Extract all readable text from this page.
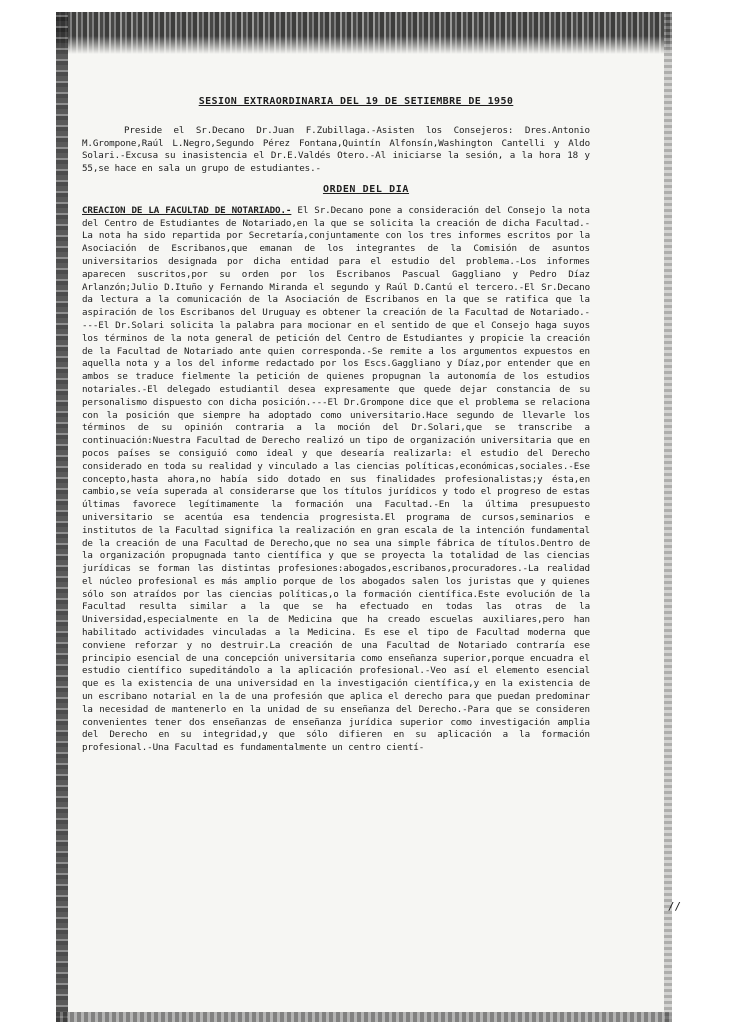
SESION EXTRAORDINARIA DEL 19 DE SETIEMBRE DE 1950

Preside el Sr.Decano Dr.Juan F.Zubillaga.-Asisten los Consejeros: Dres.Antonio M.Grompone,Raúl L.Negro,Segundo Pérez Fontana,Quintín Alfonsín,Washington Cantelli y Aldo Solari.-Excusa su inasistencia el Dr.E.Valdés Otero.-Al iniciarse la sesión, a la hora 18 y 55,se hace en sala un grupo de estudiantes.-

ORDEN DEL DIA

CREACION DE LA FACULTAD DE NOTARIADO.- El Sr.Decano pone a consideración del Consejo la nota del Centro de Estudiantes de Notariado,en la que se solicita la creación de dicha Facultad.-La nota ha sido repartida por Secretaría,conjuntamente con los tres informes escritos por la Asociación de Escribanos,que emanan de los integrantes de la Comisión de asuntos universitarios designada por dicha entidad para el estudio del problema.-Los informes aparecen suscritos,por su orden por los Escribanos Pascual Gaggliano y Pedro Díaz Arlanzón;Julio D.Ituño y Fernando Miranda el segundo y Raúl D.Cantú el tercero.-El Sr.Decano da lectura a la comunicación de la Asociación de Escribanos en la que se ratifica que la aspiración de los Escribanos del Uruguay es obtener la creación de la Facultad de Notariado.----El Dr.Solari solicita la palabra para mocionar en el sentido de que el Consejo haga suyos los términos de la nota general de petición del Centro de Estudiantes y propicie la creación de la Facultad de Notariado ante quien corresponda.-Se remite a los argumentos expuestos en aquella nota y a los del informe redactado por los Escs.Gaggliano y Díaz,por entender que en ambos se traduce fielmente la petición de quienes propugnan la autonomía de los estudios notariales.-El delegado estudiantil desea expresamente que quede dejar constancia de su personalismo dispuesto con dicha posición.---El Dr.Grompone dice que el problema se relaciona con la posición que siempre ha adoptado como universitario.Hace segundo de llevarle los términos de su opinión contraria a la moción del Dr.Solari,que se transcribe a continuación:Nuestra Facultad de Derecho realizó un tipo de organización universitaria que en pocos países se consiguió como ideal y que desearía realizarla: el estudio del Derecho considerado en toda su realidad y vinculado a las ciencias políticas,económicas,sociales.-Ese concepto,hasta ahora,no había sido dotado en sus finalidades profesionalistas;y ésta,en cambio,se veía superada al considerarse que los títulos jurídicos y todo el progreso de estas últimas favorece legítimamente la formación una Facultad.-En la última presupuesto universitario se acentúa esa tendencia progresista.El programa de cursos,seminarios e institutos de la Facultad significa la realización en gran escala de la intención fundamental de la creación de una Facultad de Derecho,que no sea una simple fábrica de títulos.Dentro de la organización propugnada tanto científica y que se proyecta la totalidad de las ciencias jurídicas se forman las distintas profesiones:abogados,escribanos,procuradores.-La realidad el núcleo profesional es más amplio porque de los abogados salen los juristas que y quienes sólo son atraídos por las ciencias políticas,o la formación científica.Este evolución de la Facultad resulta similar a la que se ha efectuado en todas las otras de la Universidad,especialmente en la de Medicina que ha creado escuelas auxiliares,pero han habilitado actividades vinculadas a la Medicina. Es ese el tipo de Facultad moderna que conviene reforzar y no destruir.La creación de una Facultad de Notariado contraría ese principio esencial de una concepción universitaria como enseñanza superior,porque encuadra el estudio científico supeditándolo a la aplicación profesional.-Veo así el elemento esencial que es la existencia de una universidad en la investigación científica,y en la existencia de un escribano notarial en la de una profesión que aplica el derecho para que puedan predominar la necesidad de mantenerlo en la unidad de su enseñanza del Derecho.-Para que se consideren convenientes tener dos enseñanzas de enseñanza jurídica superior como investigación amplia del Derecho en su integridad,y que sólo difieren en su aplicación a la formación profesional.-Una Facultad es fundamentalmente un centro cientí-

//
